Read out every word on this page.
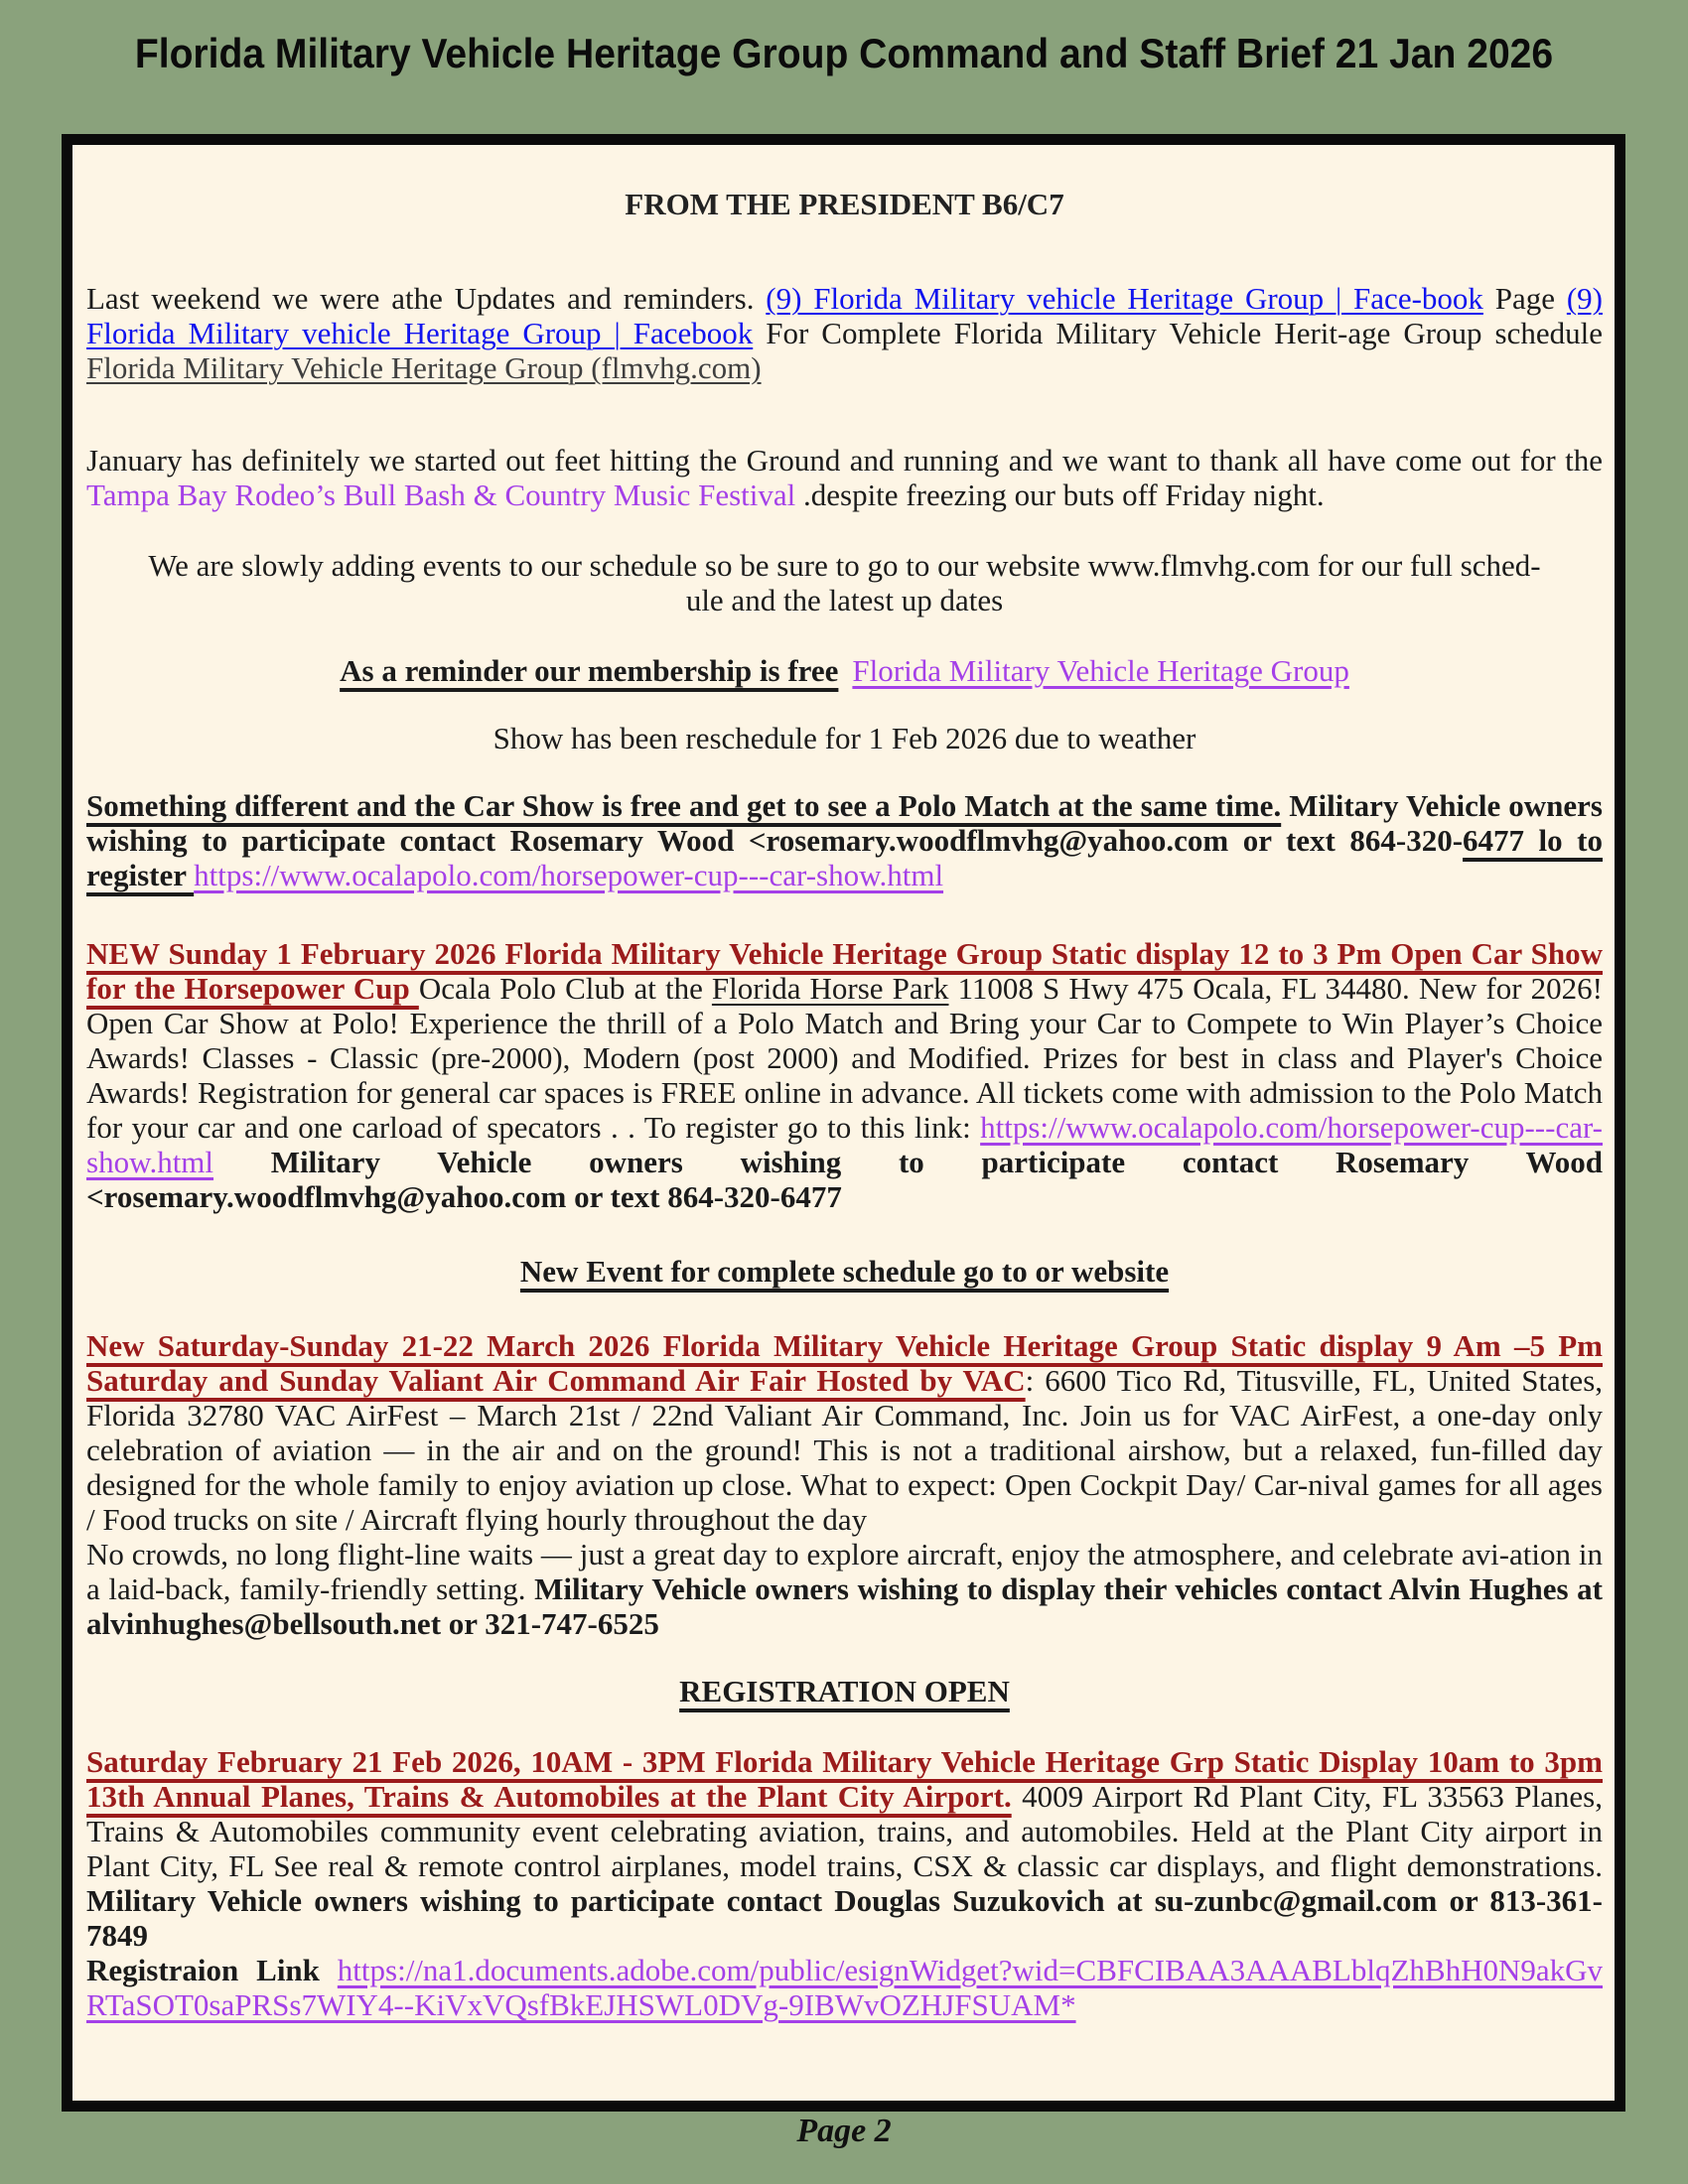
Florida Military Vehicle Heritage Group Command and Staff Brief 21 Jan 2026
FROM THE PRESIDENT B6/C7

Last weekend we were athe Updates and reminders. (9) Florida Military vehicle Heritage Group | Face-book Page (9) Florida Military vehicle Heritage Group | Facebook For Complete Florida Military Vehicle Herit-age Group schedule Florida Military Vehicle Heritage Group (flmvhg.com)

January has definitely we started out feet hitting the Ground and running and we want to thank all have come out for the Tampa Bay Rodeo’s Bull Bash & Country Music Festival .despite freezing our buts off Friday night.

We are slowly adding events to our schedule so be sure to go to our website www.flmvhg.com for our full sched-
ule and the latest up dates

As a reminder our membership is free Florida Military Vehicle Heritage Group

Show has been reschedule for 1 Feb 2026 due to weather

Something different and the Car Show is free and get to see a Polo Match at the same time. Military Vehicle owners wishing to participate contact Rosemary Wood <rosemary.woodflmvhg@yahoo.com or text 864-320-6477 lo to register https://www.ocalapolo.com/horsepower-cup---car-show.html

NEW Sunday 1 February 2026 Florida Military Vehicle Heritage Group Static display 12 to 3 Pm Open Car Show for the Horsepower Cup Ocala Polo Club at the Florida Horse Park 11008 S Hwy 475 Ocala, FL 34480. New for 2026! Open Car Show at Polo! Experience the thrill of a Polo Match and Bring your Car to Compete to Win Player’s Choice Awards! Classes - Classic (pre-2000), Modern (post 2000) and Modified. Prizes for best in class and Player's Choice Awards! Registration for general car spaces is FREE online in advance. All tickets come with admission to the Polo Match for your car and one carload of specators . . To register go to this link: https://www.ocalapolo.com/horsepower-cup---car-show.html Military Vehicle owners wishing to participate contact Rosemary Wood <rosemary.woodflmvhg@yahoo.com or text 864-320-6477

New Event for complete schedule go to or website

New Saturday-Sunday 21-22 March 2026 Florida Military Vehicle Heritage Group Static display 9 Am –5 Pm Saturday and Sunday Valiant Air Command Air Fair Hosted by VAC: 6600 Tico Rd, Titusville, FL, United States, Florida 32780 VAC AirFest – March 21st / 22nd Valiant Air Command, Inc. Join us for VAC AirFest, a one-day only celebration of aviation — in the air and on the ground! This is not a traditional airshow, but a relaxed, fun-filled day designed for the whole family to enjoy aviation up close. What to expect: Open Cockpit Day/ Car-nival games for all ages / Food trucks on site / Aircraft flying hourly throughout the day
No crowds, no long flight-line waits — just a great day to explore aircraft, enjoy the atmosphere, and celebrate avi-ation in a laid-back, family-friendly setting. Military Vehicle owners wishing to display their vehicles contact Alvin Hughes at alvinhughes@bellsouth.net or 321-747-6525

REGISTRATION OPEN

Saturday February 21 Feb 2026, 10AM - 3PM Florida Military Vehicle Heritage Grp Static Display 10am to 3pm 13th Annual Planes, Trains & Automobiles at the Plant City Airport. 4009 Airport Rd Plant City, FL 33563 Planes, Trains & Automobiles community event celebrating aviation, trains, and automobiles. Held at the Plant City airport in Plant City, FL See real & remote control airplanes, model trains, CSX & classic car displays, and flight demonstrations. Military Vehicle owners wishing to participate contact Douglas Suzukovich at su-zunbc@gmail.com or 813-361-7849
Registraion Link https://na1.documents.adobe.com/public/esignWidget?wid=CBFCIBAA3AAABLblqZhBhH0N9akGvRTaSOT0saPRSs7WIY4--KiVxVQsfBkEJHSWL0DVg-9IBWvOZHJFSUAM*

Page 2
